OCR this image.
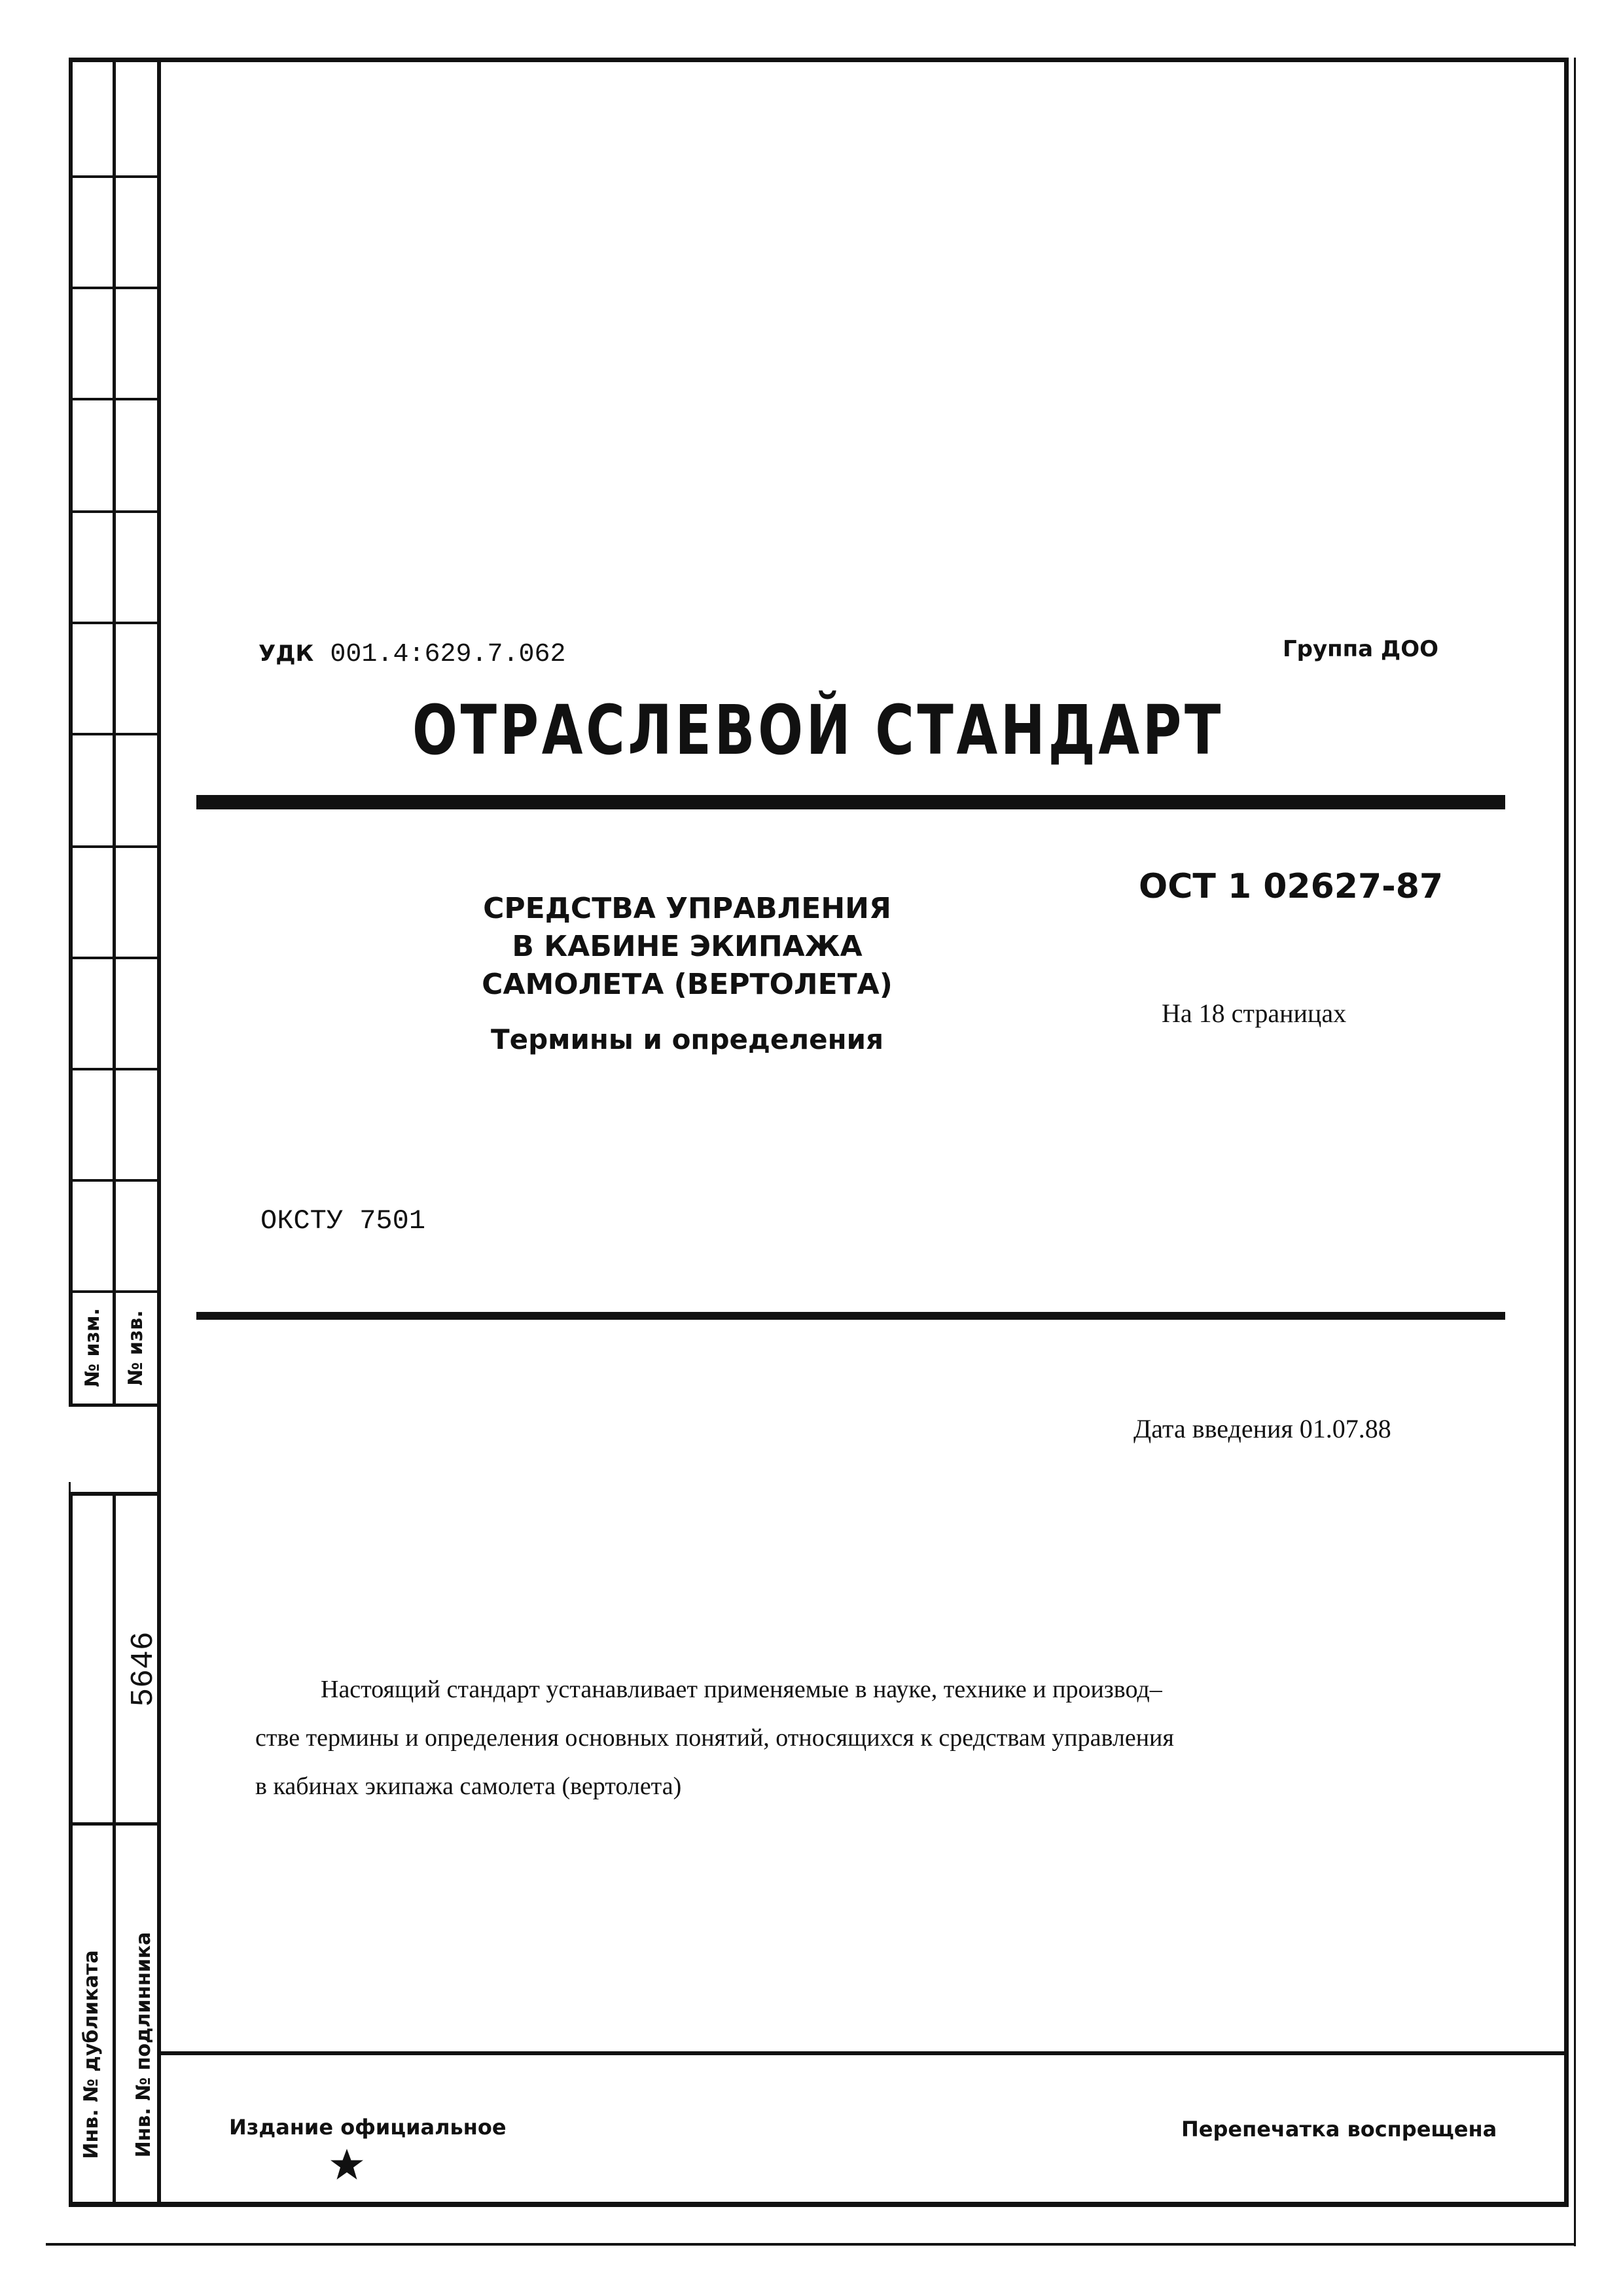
№ изм. № изв.
5646
Инв. № дубликата Инв. № подлинника
УДК 001.4:629.7.062	Группа ДОО
ОТРАСЛЕВОЙ СТАНДАРТ
СРЕДСТВА УПРАВЛЕНИЯ
В КАБИНЕ ЭКИПАЖА
САМОЛЕТА (ВЕРТОЛЕТА)
Термины и определения
ОСТ 1 02627-87
На 18 страницах
ОКСТУ 7501
Дата введения 01.07.88
Настоящий стандарт устанавливает применяемые в науке, технике и производ–
стве термины и определения основных понятий, относящихся к средствам управления
в кабинах экипажа самолета (вертолета)
Издание официальное	Перепечатка воспрещена
